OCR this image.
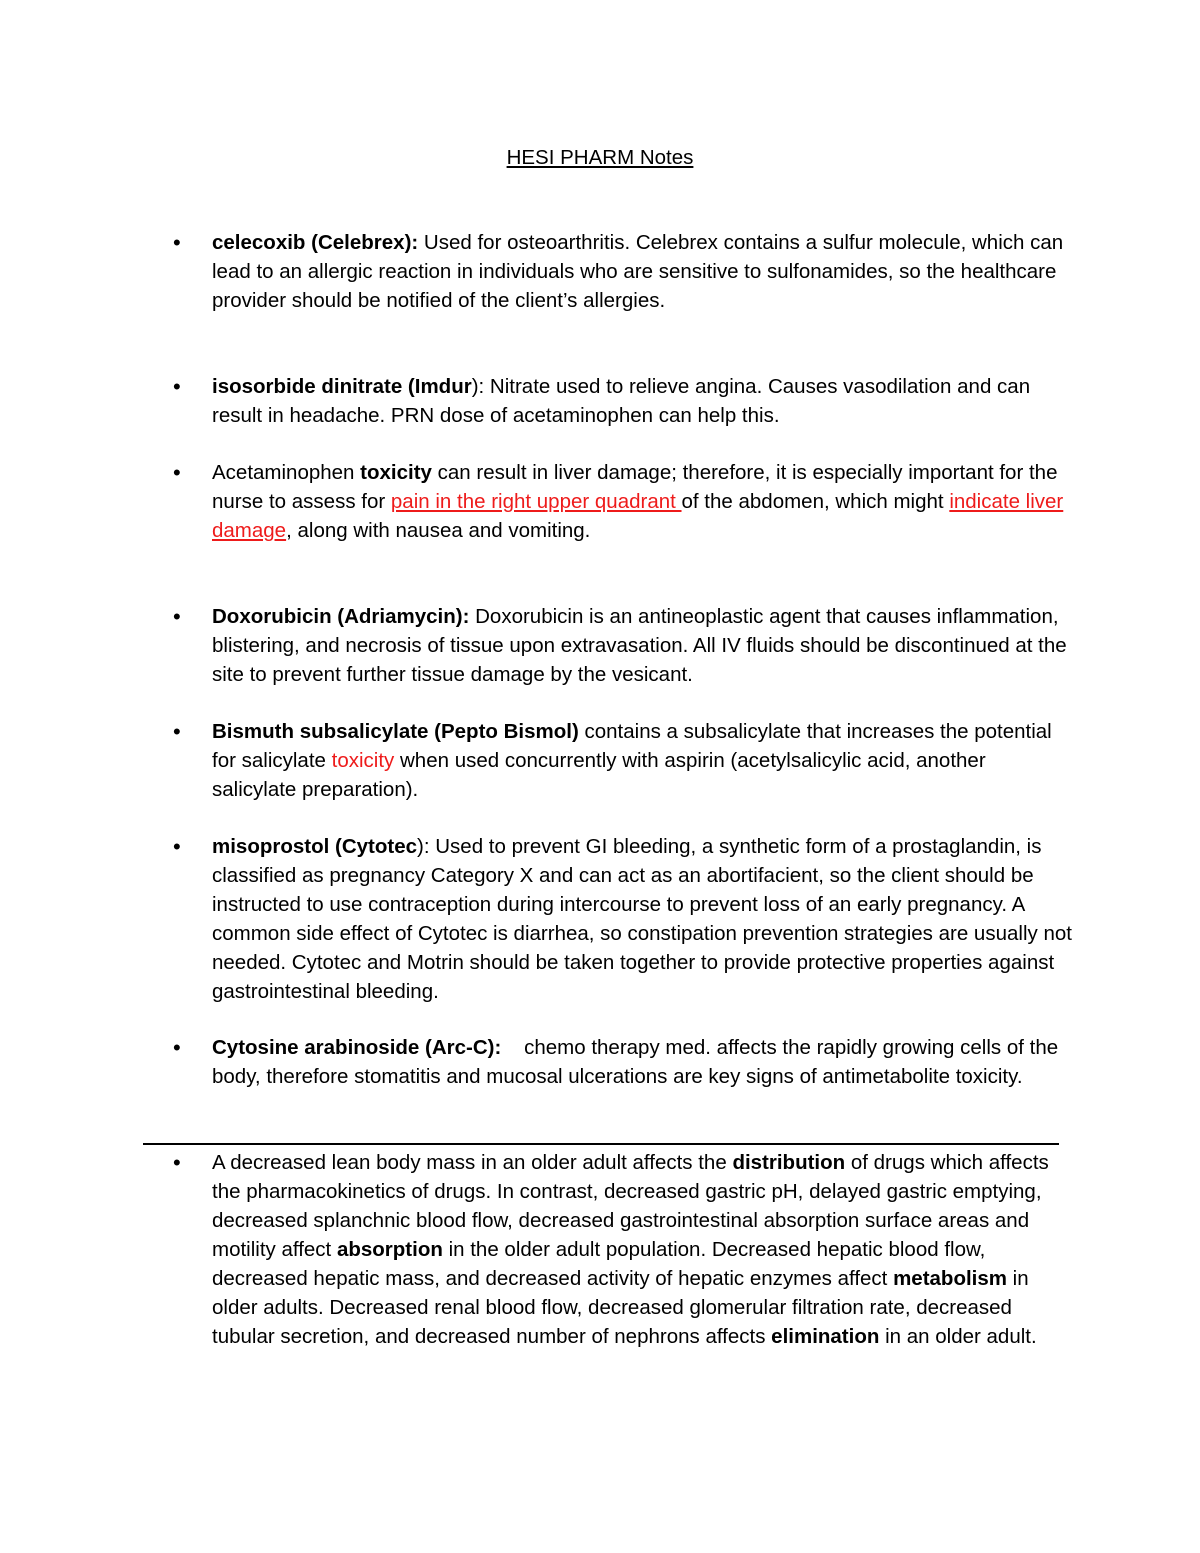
HESI PHARM Notes
•	celecoxib (Celebrex): Used for osteoarthritis. Celebrex contains a sulfur molecule, which can lead to an allergic reaction in individuals who are sensitive to sulfonamides, so the healthcare provider should be notified of the client’s allergies.
•	isosorbide dinitrate (Imdur): Nitrate used to relieve angina. Causes vasodilation and can result in headache. PRN dose of acetaminophen can help this.
•	Acetaminophen toxicity can result in liver damage; therefore, it is especially important for the nurse to assess for pain in the right upper quadrant of the abdomen, which might indicate liver damage, along with nausea and vomiting.
•	Doxorubicin (Adriamycin): Doxorubicin is an antineoplastic agent that causes inflammation, blistering, and necrosis of tissue upon extravasation. All IV fluids should be discontinued at the site to prevent further tissue damage by the vesicant.
•	Bismuth subsalicylate (Pepto Bismol) contains a subsalicylate that increases the potential for salicylate toxicity when used concurrently with aspirin (acetylsalicylic acid, another salicylate preparation).
•	misoprostol (Cytotec): Used to prevent GI bleeding, a synthetic form of a prostaglandin, is classified as pregnancy Category X and can act as an abortifacient, so the client should be instructed to use contraception during intercourse to prevent loss of an early pregnancy. A common side effect of Cytotec is diarrhea, so constipation prevention strategies are usually not needed. Cytotec and Motrin should be taken together to provide protective properties against gastrointestinal bleeding.
•	Cytosine arabinoside (Arc-C):    chemo therapy med. affects the rapidly growing cells of the body, therefore stomatitis and mucosal ulcerations are key signs of antimetabolite toxicity.
•	A decreased lean body mass in an older adult affects the distribution of drugs which affects the pharmacokinetics of drugs. In contrast, decreased gastric pH, delayed gastric emptying, decreased splanchnic blood flow, decreased gastrointestinal absorption surface areas and motility affect absorption in the older adult population. Decreased hepatic blood flow, decreased hepatic mass, and decreased activity of hepatic enzymes affect metabolism in older adults. Decreased renal blood flow, decreased glomerular filtration rate, decreased tubular secretion, and decreased number of nephrons affects elimination in an older adult.
